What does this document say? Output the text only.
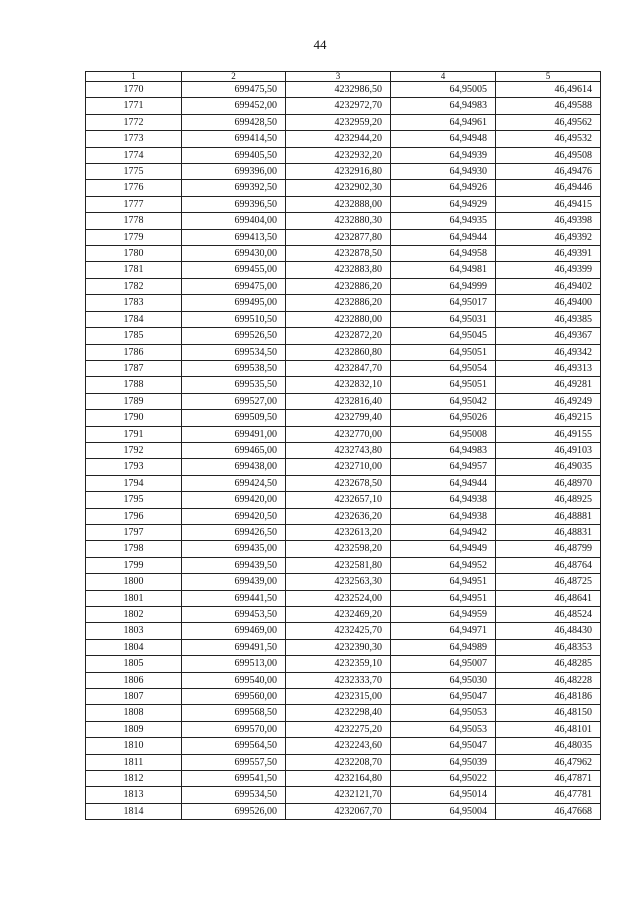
44
1	2	3	4	5
1770	699475,50	4232986,50	64,95005	46,49614
1771	699452,00	4232972,70	64,94983	46,49588
1772	699428,50	4232959,20	64,94961	46,49562
1773	699414,50	4232944,20	64,94948	46,49532
1774	699405,50	4232932,20	64,94939	46,49508
1775	699396,00	4232916,80	64,94930	46,49476
1776	699392,50	4232902,30	64,94926	46,49446
1777	699396,50	4232888,00	64,94929	46,49415
1778	699404,00	4232880,30	64,94935	46,49398
1779	699413,50	4232877,80	64,94944	46,49392
1780	699430,00	4232878,50	64,94958	46,49391
1781	699455,00	4232883,80	64,94981	46,49399
1782	699475,00	4232886,20	64,94999	46,49402
1783	699495,00	4232886,20	64,95017	46,49400
1784	699510,50	4232880,00	64,95031	46,49385
1785	699526,50	4232872,20	64,95045	46,49367
1786	699534,50	4232860,80	64,95051	46,49342
1787	699538,50	4232847,70	64,95054	46,49313
1788	699535,50	4232832,10	64,95051	46,49281
1789	699527,00	4232816,40	64,95042	46,49249
1790	699509,50	4232799,40	64,95026	46,49215
1791	699491,00	4232770,00	64,95008	46,49155
1792	699465,00	4232743,80	64,94983	46,49103
1793	699438,00	4232710,00	64,94957	46,49035
1794	699424,50	4232678,50	64,94944	46,48970
1795	699420,00	4232657,10	64,94938	46,48925
1796	699420,50	4232636,20	64,94938	46,48881
1797	699426,50	4232613,20	64,94942	46,48831
1798	699435,00	4232598,20	64,94949	46,48799
1799	699439,50	4232581,80	64,94952	46,48764
1800	699439,00	4232563,30	64,94951	46,48725
1801	699441,50	4232524,00	64,94951	46,48641
1802	699453,50	4232469,20	64,94959	46,48524
1803	699469,00	4232425,70	64,94971	46,48430
1804	699491,50	4232390,30	64,94989	46,48353
1805	699513,00	4232359,10	64,95007	46,48285
1806	699540,00	4232333,70	64,95030	46,48228
1807	699560,00	4232315,00	64,95047	46,48186
1808	699568,50	4232298,40	64,95053	46,48150
1809	699570,00	4232275,20	64,95053	46,48101
1810	699564,50	4232243,60	64,95047	46,48035
1811	699557,50	4232208,70	64,95039	46,47962
1812	699541,50	4232164,80	64,95022	46,47871
1813	699534,50	4232121,70	64,95014	46,47781
1814	699526,00	4232067,70	64,95004	46,47668
